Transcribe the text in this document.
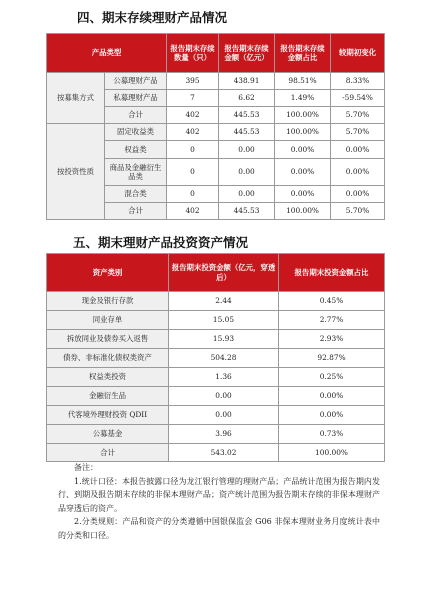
四、期末存续理财产品情况
产品类型		报告期末存续数量（只）	报告期末存续金额（亿元）	报告期末存续金额占比	较期初变化
按募集方式	公募理财产品	395	438.91	98.51%	8.33%
	私募理财产品	7	6.62	1.49%	-59.54%
	合计	402	445.53	100.00%	5.70%
按投资性质	固定收益类	402	445.53	100.00%	5.70%
	权益类	0	0.00	0.00%	0.00%
	商品及金融衍生品类	0	0.00	0.00%	0.00%
	混合类	0	0.00	0.00%	0.00%
	合计	402	445.53	100.00%	5.70%
五、期末理财产品投资资产情况
资产类别	报告期末投资金额（亿元，穿透后）	报告期末投资金额占比
现金及银行存款	2.44	0.45%
同业存单	15.05	2.77%
拆放同业及债券买入返售	15.93	2.93%
债券、非标准化债权类资产	504.28	92.87%
权益类投资	1.36	0.25%
金融衍生品	0.00	0.00%
代客境外理财投资 QDII	0.00	0.00%
公募基金	3.96	0.73%
合计	543.02	100.00%

备注：

1.统计口径：本报告披露口径为龙江银行管理的理财产品；产品统计范围为报告期内发行、到期及报告期末存续的非保本理财产品；资产统计范围为报告期末存续的非保本理财产品穿透后的资产。

2.分类规则：产品和资产的分类遵循中国银保监会 G06 非保本理财业务月度统计表中的分类和口径。
